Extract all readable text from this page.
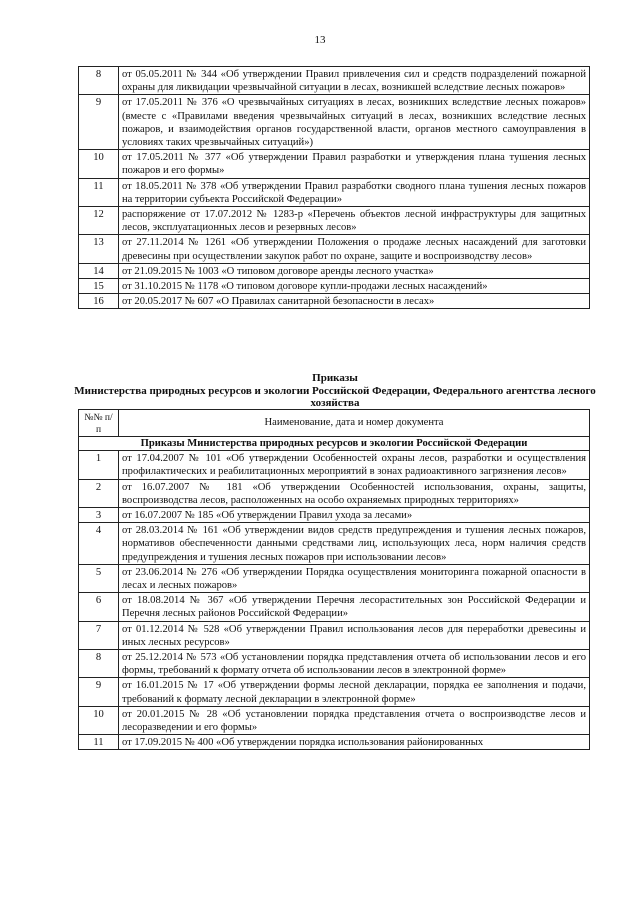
13
8	от 05.05.2011 № 344 «Об утверждении Правил привлечения сил и средств подразделений пожарной охраны для ликвидации чрезвычайной ситуации в лесах, возникшей вследствие лесных пожаров»
9	от 17.05.2011 № 376 «О чрезвычайных ситуациях в лесах, возникших вследствие лесных пожаров» (вместе с «Правилами введения чрезвычайных ситуаций в лесах, возникших вследствие лесных пожаров, и взаимодействия органов государственной власти, органов местного самоуправления в условиях таких чрезвычайных ситуаций»)
10	от 17.05.2011 № 377 «Об утверждении Правил разработки и утверждения плана тушения лесных пожаров и его формы»
11	от 18.05.2011 № 378 «Об утверждении Правил разработки сводного плана тушения лесных пожаров на территории субъекта Российской Федерации»
12	распоряжение от 17.07.2012 № 1283-р «Перечень объектов лесной инфраструктуры для защитных лесов, эксплуатационных лесов и резервных лесов»
13	от 27.11.2014 № 1261 «Об утверждении Положения о продаже лесных насаждений для заготовки древесины при осуществлении закупок работ по охране, защите и воспроизводству лесов»
14	от 21.09.2015 № 1003 «О типовом договоре аренды лесного участка»
15	от 31.10.2015 № 1178 «О типовом договоре купли-продажи лесных насаждений»
16	от 20.05.2017 № 607 «О Правилах санитарной безопасности в лесах»
Приказы
Министерства природных ресурсов и экологии Российской Федерации, Федерального агентства лесного хозяйства
№№ п/п	Наименование, дата и номер документа
Приказы Министерства природных ресурсов и экологии Российской Федерации	
1	от 17.04.2007 № 101 «Об утверждении Особенностей охраны лесов, разработки и осуществления профилактических и реабилитационных мероприятий в зонах радиоактивного загрязнения лесов»
2	от 16.07.2007 № 181 «Об утверждении Особенностей использования, охраны, защиты, воспроизводства лесов, расположенных на особо охраняемых природных территориях»
3	от 16.07.2007 № 185 «Об утверждении Правил ухода за лесами»
4	от 28.03.2014 № 161 «Об утверждении видов средств предупреждения и тушения лесных пожаров, нормативов обеспеченности данными средствами лиц, использующих леса, норм наличия средств предупреждения и тушения лесных пожаров при использовании лесов»
5	от 23.06.2014 № 276 «Об утверждении Порядка осуществления мониторинга пожарной опасности в лесах и лесных пожаров»
6	от 18.08.2014 № 367 «Об утверждении Перечня лесорастительных зон Российской Федерации и Перечня лесных районов Российской Федерации»
7	от 01.12.2014 № 528 «Об утверждении Правил использования лесов для переработки древесины и иных лесных ресурсов»
8	от 25.12.2014 № 573 «Об установлении порядка представления отчета об использовании лесов и его формы, требований к формату отчета об использовании лесов в электронной форме»
9	от 16.01.2015 № 17 «Об утверждении формы лесной декларации, порядка ее заполнения и подачи, требований к формату лесной декларации в электронной форме»
10	от 20.01.2015 № 28 «Об установлении порядка представления отчета о воспроизводстве лесов и лесоразведении и его формы»
11	от 17.09.2015 № 400 «Об утверждении порядка использования районированных
